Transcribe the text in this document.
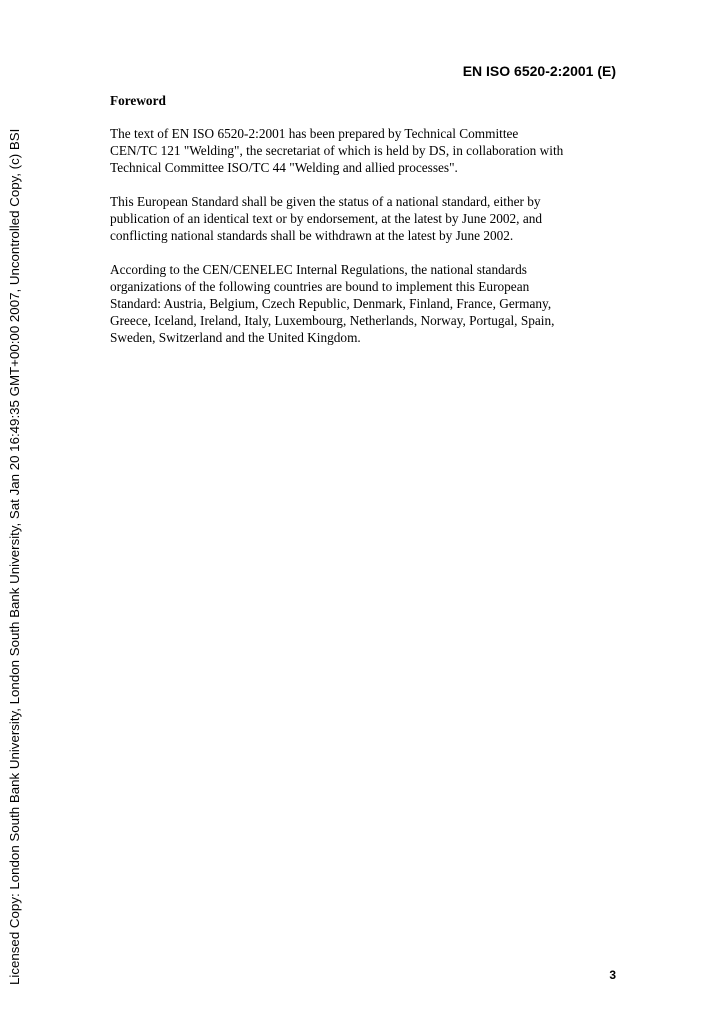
Licensed Copy: London South Bank University, London South Bank University, Sat Jan 20 16:49:35 GMT+00:00 2007, Uncontrolled Copy, (c) BSI
EN ISO 6520-2:2001 (E)
Foreword
The text of EN ISO 6520-2:2001 has been prepared by Technical Committee
CEN/TC 121 "Welding", the secretariat of which is held by DS, in collaboration with
Technical Committee ISO/TC 44 "Welding and allied processes".
This European Standard shall be given the status of a national standard, either by
publication of an identical text or by endorsement, at the latest by June 2002, and
conflicting national standards shall be withdrawn at the latest by June 2002.
According to the CEN/CENELEC Internal Regulations, the national standards
organizations of the following countries are bound to implement this European
Standard: Austria, Belgium, Czech Republic, Denmark, Finland, France, Germany,
Greece, Iceland, Ireland, Italy, Luxembourg, Netherlands, Norway, Portugal, Spain,
Sweden, Switzerland and the United Kingdom.
3
